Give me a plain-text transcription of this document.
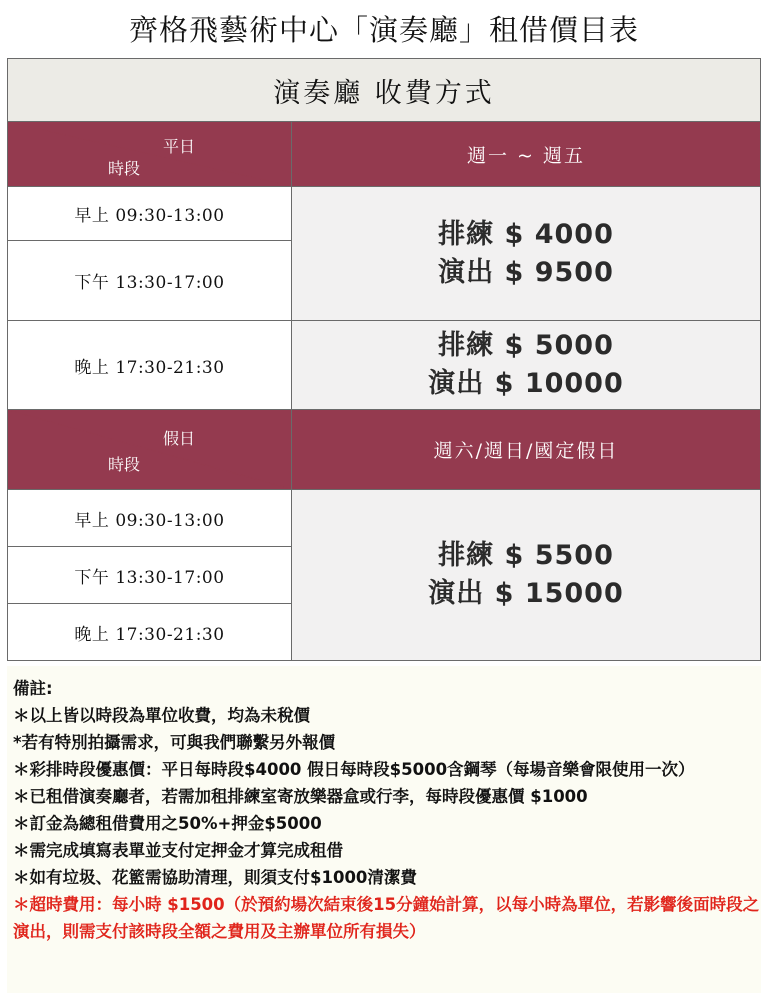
齊格飛藝術中心「演奏廳」租借價目表
演奏廳 收費方式	

平日
時段	週一 ~ 週五
早上 09:30-13:00	排練 $ 4000
演出 $ 9500

下午 13:30-17:00	
晚上 17:30-21:30	排練 $ 5000
演出 $ 10000

假日
時段	週六/週日/國定假日
早上 09:30-13:00	排練 $ 5500
演出 $ 15000

下午 13:30-17:00	
晚上 17:30-21:30	
備註:
＊以上皆以時段為單位收費，均為未稅價
*若有特別拍攝需求，可與我們聯繫另外報價
＊彩排時段優惠價：平日每時段$4000 假日每時段$5000含鋼琴（每場音樂會限使用一次）
＊已租借演奏廳者，若需加租排練室寄放樂器盒或行李，每時段優惠價 $1000
＊訂金為總租借費用之50%+押金$5000
＊需完成填寫表單並支付定押金才算完成租借
＊如有垃圾、花籃需協助清理，則須支付$1000清潔費
＊超時費用：每小時 $1500（於預約場次結束後15分鐘始計算，以每小時為單位，若影響後面時段之演出，則需支付該時段全額之費用及主辦單位所有損失）
